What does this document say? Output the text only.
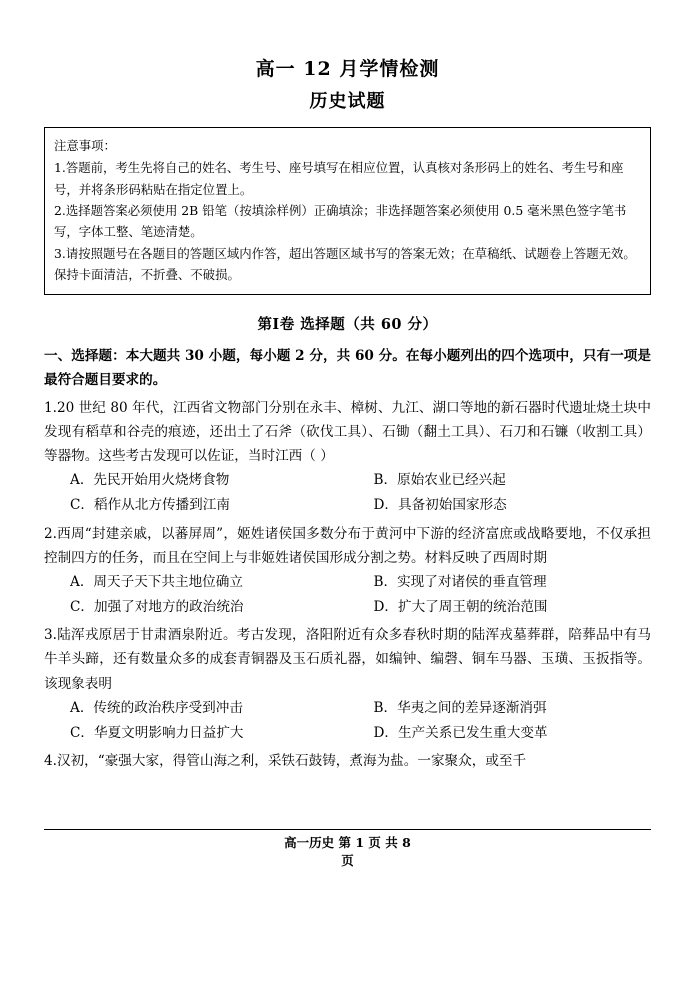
高一 12 月学情检测
历史试题
注意事项：
1.答题前，考生先将自己的姓名、考生号、座号填写在相应位置，认真核对条形码上的姓名、考生号和座号，并将条形码粘贴在指定位置上。
2.选择题答案必须使用 2B 铅笔（按填涂样例）正确填涂；非选择题答案必须使用 0.5 毫米黑色签字笔书写，字体工整、笔迹清楚。
3.请按照题号在各题目的答题区域内作答，超出答题区域书写的答案无效；在草稿纸、试题卷上答题无效。保持卡面清洁，不折叠、不破损。
第Ⅰ卷 选择题（共 60 分）
一、选择题：本大题共 30 小题，每小题 2 分，共 60 分。在每小题列出的四个选项中，只有一项是最符合题目要求的。
1.20 世纪 80 年代，江西省文物部门分别在永丰、樟树、九江、湖口等地的新石器时代遗址烧土块中发现有稻草和谷壳的痕迹，还出土了石斧（砍伐工具）、石锄（翻土工具）、石刀和石镰（收割工具）等器物。这些考古发现可以佐证，当时江西（ ）
A．先民开始用火烧烤食物	B．原始农业已经兴起
C．稻作从北方传播到江南	D．具备初始国家形态
2.西周“封建亲戚，以蕃屏周”，姬姓诸侯国多数分布于黄河中下游的经济富庶或战略要地，不仅承担控制四方的任务，而且在空间上与非姬姓诸侯国形成分割之势。材料反映了西周时期
A．周天子天下共主地位确立	B．实现了对诸侯的垂直管理
C．加强了对地方的政治统治	D．扩大了周王朝的统治范围
3.陆浑戎原居于甘肃酒泉附近。考古发现，洛阳附近有众多春秋时期的陆浑戎墓葬群，陪葬品中有马牛羊头蹄，还有数量众多的成套青铜器及玉石质礼器，如编钟、编磬、铜车马器、玉璜、玉扳指等。该现象表明
A．传统的政治秩序受到冲击	B．华夷之间的差异逐渐消弭
C．华夏文明影响力日益扩大	D．生产关系已发生重大变革
4.汉初，“豪强大家，得管山海之利，采铁石鼓铸，煮海为盐。一家聚众，或至千
高一历史 第 1 页 共 8
页
